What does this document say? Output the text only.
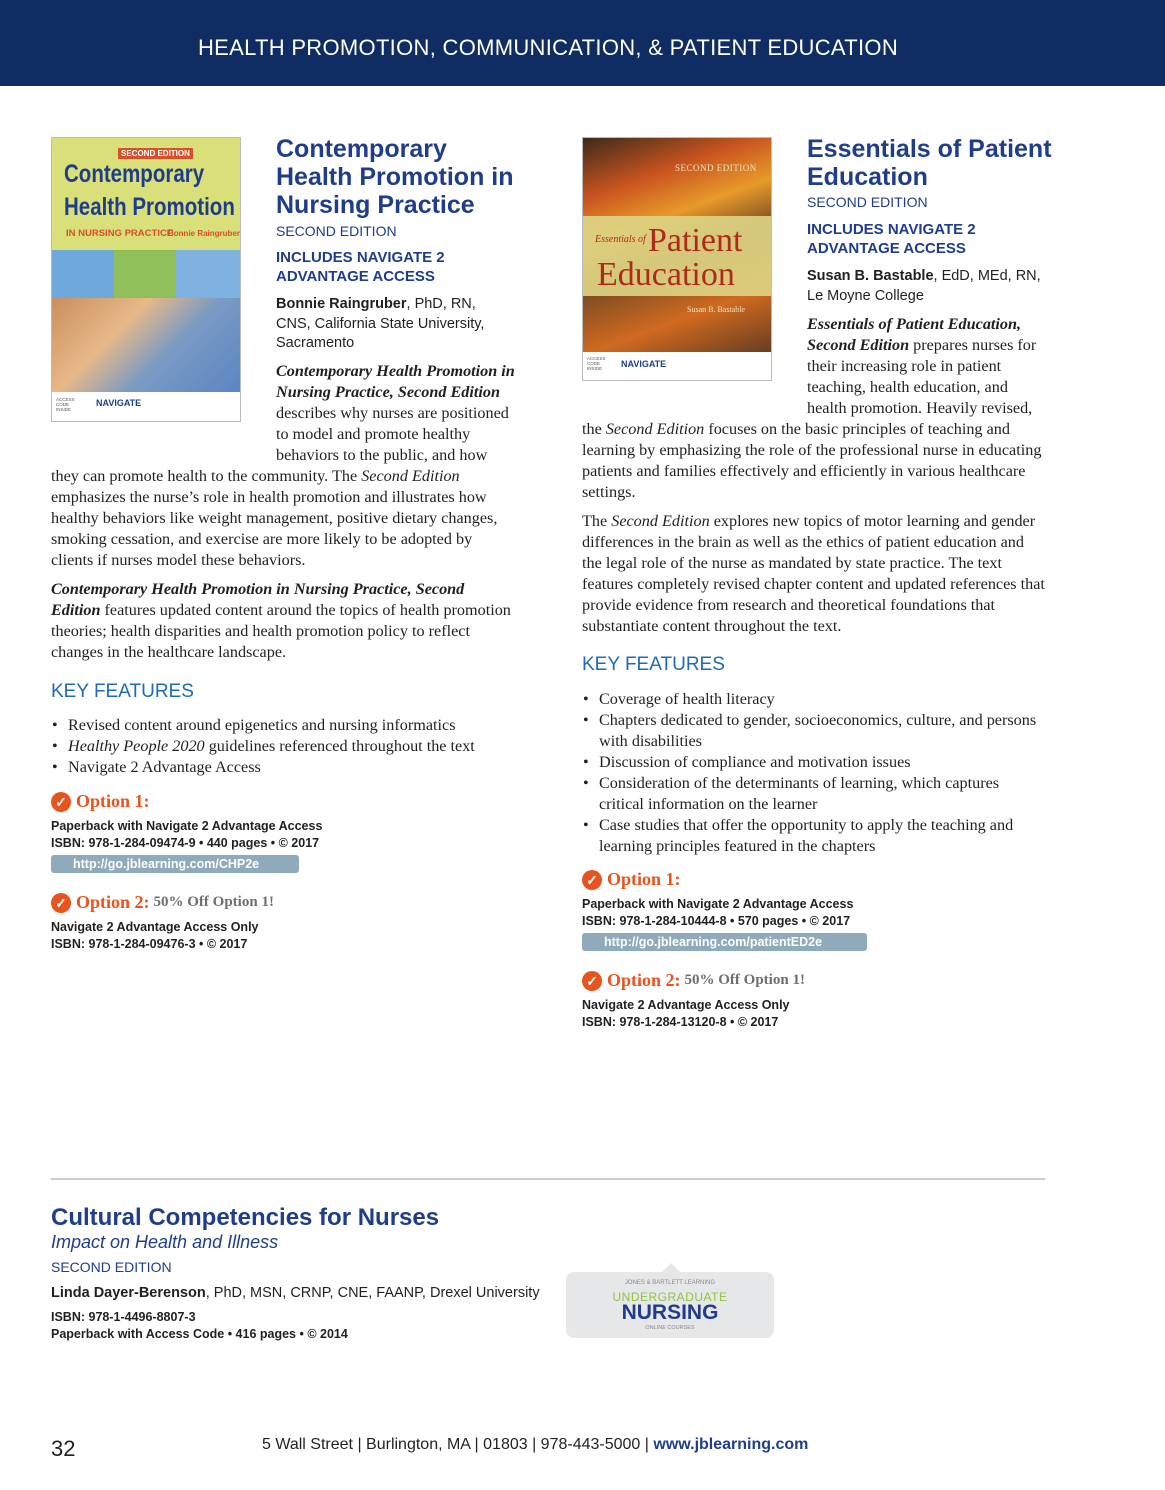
HEALTH PROMOTION, COMMUNICATION, & PATIENT EDUCATION
SECOND EDITION
Contemporary
Health Promotion
IN NURSING PRACTICE
Bonnie Raingruber
ACCESS CODE INSIDE
NAVIGATE
Contemporary Health Promotion in Nursing Practice
SECOND EDITION
INCLUDES NAVIGATE 2 ADVANTAGE ACCESS
Bonnie Raingruber, PhD, RN, CNS, California State University, Sacramento

Contemporary Health Promotion in Nursing Practice, Second Edition describes why nurses are positioned to model and promote healthy behaviors to the public, and how they can promote health to the community. The Second Edition emphasizes the nurse’s role in health promotion and illustrates how healthy behaviors like weight management, positive dietary changes, smoking cessation, and exercise are more likely to be adopted by clients if nurses model these behaviors.

Contemporary Health Promotion in Nursing Practice, Second Edition features updated content around the topics of health promotion theories; health disparities and health promotion policy to reflect changes in the healthcare landscape.

KEY FEATURES
• Revised content around epigenetics and nursing informatics
• Healthy People 2020 guidelines referenced throughout the text
• Navigate 2 Advantage Access
✓ Option 1:
Paperback with Navigate 2 Advantage Access
ISBN: 978-1-284-09474-9 • 440 pages • © 2017
http://go.jblearning.com/CHP2e
✓ Option 2: 50% Off Option 1!
Navigate 2 Advantage Access Only
ISBN: 978-1-284-09476-3 • © 2017
SECOND EDITION
Essentials of Patient
Education
Susan B. Bastable
ACCESS CODE INSIDE	NAVIGATE
Essentials of Patient Education
SECOND EDITION
INCLUDES NAVIGATE 2 ADVANTAGE ACCESS
Susan B. Bastable, EdD, MEd, RN, Le Moyne College

Essentials of Patient Education, Second Edition prepares nurses for their increasing role in patient teaching, health education, and health promotion. Heavily revised, the Second Edition focuses on the basic principles of teaching and learning by emphasizing the role of the professional nurse in educating patients and families effectively and efficiently in various healthcare settings.

The Second Edition explores new topics of motor learning and gender differences in the brain as well as the ethics of patient education and the legal role of the nurse as mandated by state practice. The text features completely revised chapter content and updated references that provide evidence from research and theoretical foundations that substantiate content throughout the text.

KEY FEATURES
• Coverage of health literacy
• Chapters dedicated to gender, socioeconomics, culture, and persons with disabilities
• Discussion of compliance and motivation issues
• Consideration of the determinants of learning, which captures critical information on the learner
• Case studies that offer the opportunity to apply the teaching and learning principles featured in the chapters
✓ Option 1:
Paperback with Navigate 2 Advantage Access
ISBN: 978-1-284-10444-8 • 570 pages • © 2017
http://go.jblearning.com/patientED2e
✓ Option 2: 50% Off Option 1!
Navigate 2 Advantage Access Only
ISBN: 978-1-284-13120-8 • © 2017
Cultural Competencies for Nurses
Impact on Health and Illness
SECOND EDITION
Linda Dayer-Berenson, PhD, MSN, CRNP, CNE, FAANP, Drexel University
ISBN: 978-1-4496-8807-3
Paperback with Access Code • 416 pages • © 2014
JONES & BARTLETT LEARNING
UNDERGRADUATE
NURSING
ONLINE COURSES
32	5 Wall Street | Burlington, MA | 01803 | 978-443-5000 | www.jblearning.com
